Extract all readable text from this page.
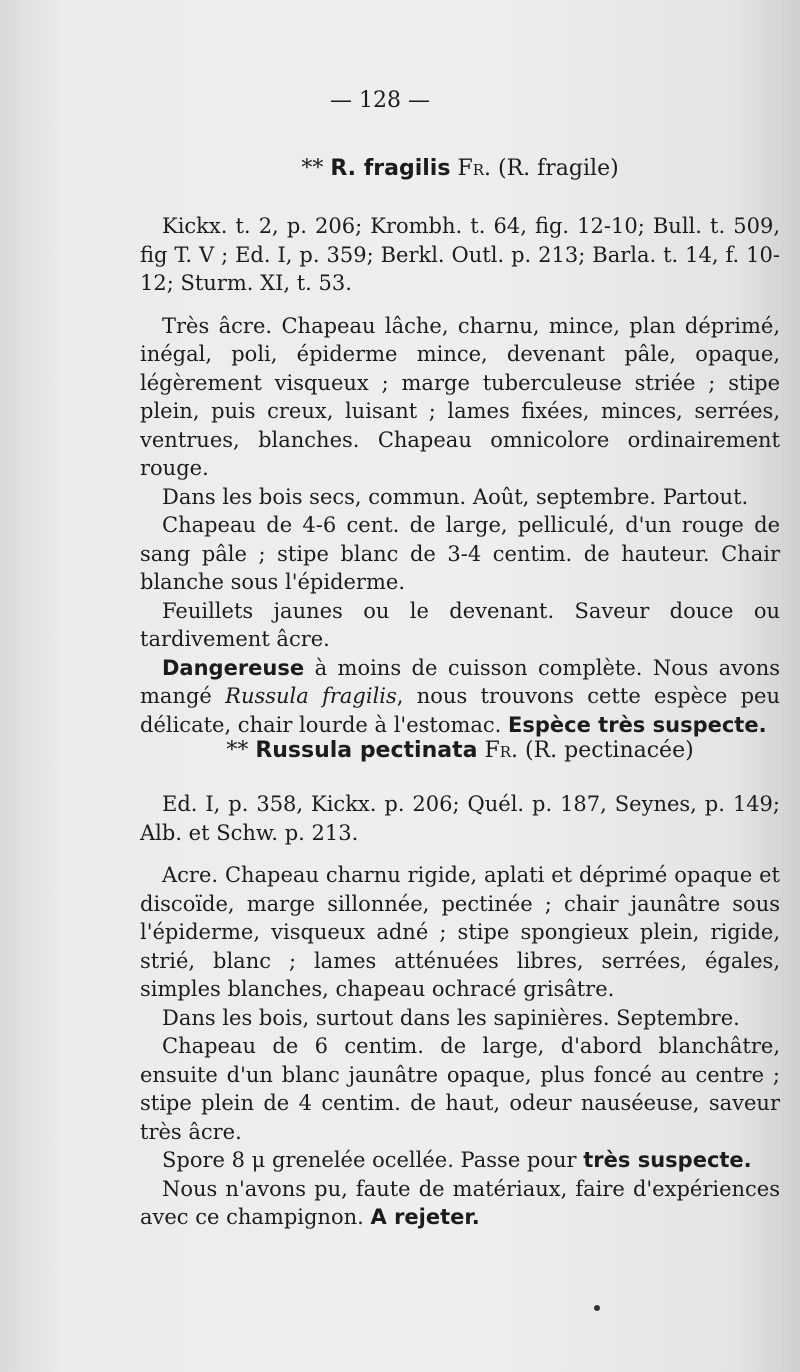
— 128 —
** R. fragilis Fr. (R. fragile)

Kickx. t. 2, p. 206; Krombh. t. 64, fig. 12-10; Bull. t. 509, fig T. V ; Ed. I, p. 359; Berkl. Outl. p. 213; Barla. t. 14, f. 10-12; Sturm. XI, t. 53.

Très âcre. Chapeau lâche, charnu, mince, plan déprimé, inégal, poli, épiderme mince, devenant pâle, opaque, légèrement visqueux ; marge tuberculeuse striée ; stipe plein, puis creux, luisant ; lames fixées, minces, serrées, ventrues, blanches. Chapeau omnicolore ordinairement rouge.

Dans les bois secs, commun. Août, septembre. Partout.

Chapeau de 4-6 cent. de large, pelliculé, d'un rouge de sang pâle ; stipe blanc de 3-4 centim. de hauteur. Chair blanche sous l'épiderme.

Feuillets jaunes ou le devenant. Saveur douce ou tardivement âcre.

Dangereuse à moins de cuisson complète. Nous avons mangé Russula fragilis, nous trouvons cette espèce peu délicate, chair lourde à l'estomac. Espèce très suspecte.

** Russula pectinata Fr. (R. pectinacée)

Ed. I, p. 358, Kickx. p. 206; Quél. p. 187, Seynes, p. 149; Alb. et Schw. p. 213.

Acre. Chapeau charnu rigide, aplati et déprimé opaque et discoïde, marge sillonnée, pectinée ; chair jaunâtre sous l'épiderme, visqueux adné ; stipe spongieux plein, rigide, strié, blanc ; lames atténuées libres, serrées, égales, simples blanches, chapeau ochracé grisâtre.

Dans les bois, surtout dans les sapinières. Septembre.

Chapeau de 6 centim. de large, d'abord blanchâtre, ensuite d'un blanc jaunâtre opaque, plus foncé au centre ; stipe plein de 4 centim. de haut, odeur nauséeuse, saveur très âcre.

Spore 8 μ grenelée ocellée. Passe pour très suspecte.

Nous n'avons pu, faute de matériaux, faire d'expériences avec ce champignon. A rejeter.
